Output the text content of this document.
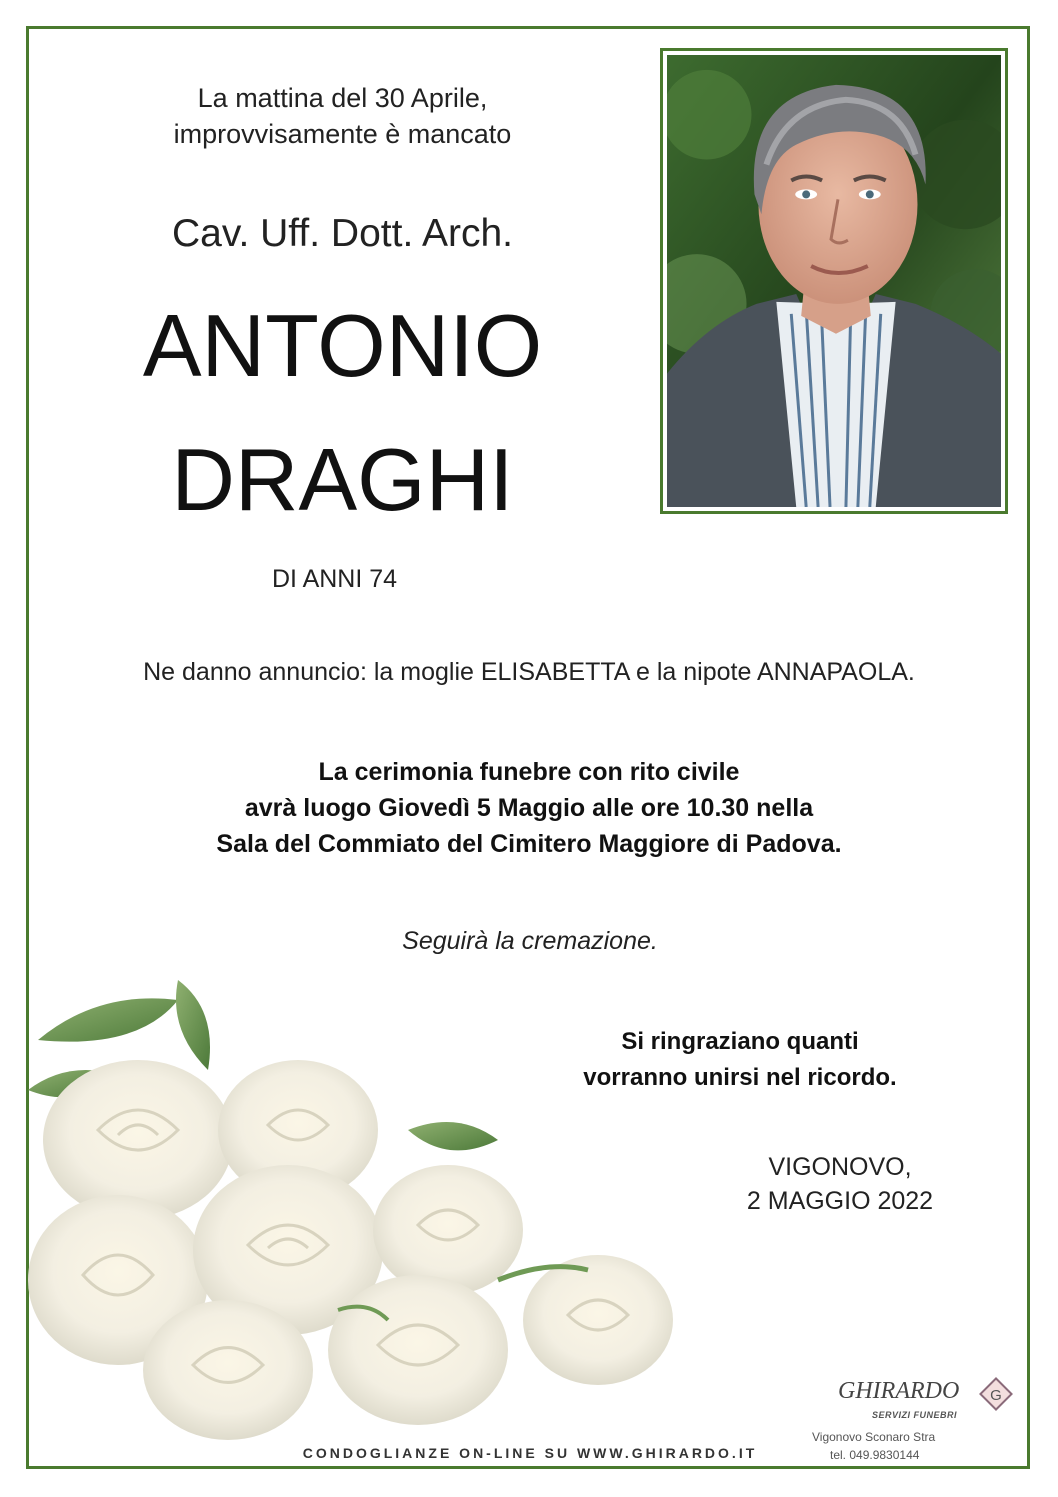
La mattina del 30 Aprile,
improvvisamente è mancato
Cav. Uff. Dott. Arch.
ANTONIO
DRAGHI
DI ANNI 74
Ne danno annuncio: la moglie ELISABETTA e la nipote ANNAPAOLA.
La cerimonia funebre con rito civile
avrà luogo Giovedì 5 Maggio alle ore 10.30 nella
Sala del Commiato del Cimitero Maggiore di Padova.
Seguirà la cremazione.
Si ringraziano quanti
vorranno unirsi nel ricordo.
VIGONOVO,
2 MAGGIO 2022
GHIRARDO
SERVIZI FUNEBRI
G
Vigonovo Sconaro Stra
tel. 049.9830144
CONDOGLIANZE ON-LINE SU WWW.GHIRARDO.IT
